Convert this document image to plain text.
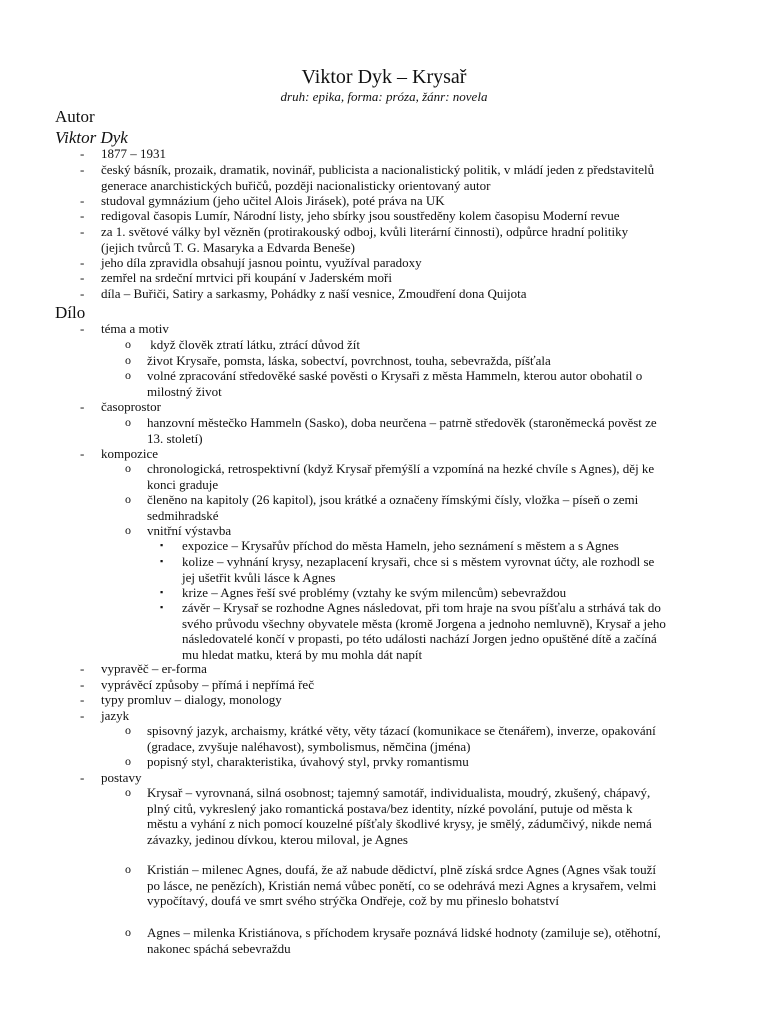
Viktor Dyk – Krysař
druh: epika, forma: próza, žánr: novela
Autor
Viktor Dyk
Dílo
- 1877 – 1931
- český básník, prozaik, dramatik, novinář, publicista a nacionalistický politik, v mládí jeden z představitelů
generace anarchistických buřičů, později nacionalisticky orientovaný autor
- studoval gymnázium (jeho učitel Alois Jirásek), poté práva na UK
- redigoval časopis Lumír, Národní listy, jeho sbírky jsou soustředěny kolem časopisu Moderní revue
- za 1. světové války byl vězněn (protirakouský odboj, kvůli literární činnosti), odpůrce hradní politiky
(jejich tvůrců T. G. Masaryka a Edvarda Beneše)
- jeho díla zpravidla obsahují jasnou pointu, využíval paradoxy
- zemřel na srdeční mrtvici při koupání v Jaderském moři
- díla – Buřiči, Satiry a sarkasmy, Pohádky z naší vesnice, Zmoudření dona Quijota
- téma a motiv
o když člověk ztratí látku, ztrácí důvod žít
o život Krysaře, pomsta, láska, sobectví, povrchnost, touha, sebevražda, píšťala
o volné zpracování středověké saské pověsti o Krysaři z města Hammeln, kterou autor obohatil o
milostný život
- časoprostor
o hanzovní městečko Hammeln (Sasko), doba neurčena – patrně středověk (staroněmecká pověst ze
13. století)
- kompozice
o chronologická, retrospektivní (když Krysař přemýšlí a vzpomíná na hezké chvíle s Agnes), děj ke
konci graduje
o členěno na kapitoly (26 kapitol), jsou krátké a označeny římskými čísly, vložka – píseň o zemi
sedmihradské
o vnitřní výstavba
▪ expozice – Krysařův příchod do města Hameln, jeho seznámení s městem a s Agnes
▪ kolize – vyhnání krysy, nezaplacení krysaři, chce si s městem vyrovnat účty, ale rozhodl se
jej ušetřit kvůli lásce k Agnes
▪ krize – Agnes řeší své problémy (vztahy ke svým milencům) sebevraždou
▪ závěr – Krysař se rozhodne Agnes následovat, při tom hraje na svou píšťalu a strhává tak do
svého průvodu všechny obyvatele města (kromě Jorgena a jednoho nemluvně), Krysař a jeho
následovatelé končí v propasti, po této události nachází Jorgen jedno opuštěné dítě a začíná
mu hledat matku, která by mu mohla dát napít
- vypravěč – er-forma
- vyprávěcí způsoby – přímá i nepřímá řeč
- typy promluv – dialogy, monology
- jazyk
o spisovný jazyk, archaismy, krátké věty, věty tázací (komunikace se čtenářem), inverze, opakování
(gradace, zvyšuje naléhavost), symbolismus, němčina (jména)
o popisný styl, charakteristika, úvahový styl, prvky romantismu
- postavy
o Krysař – vyrovnaná, silná osobnost; tajemný samotář, individualista, moudrý, zkušený, chápavý,
plný citů, vykreslený jako romantická postava/bez identity, nízké povolání, putuje od města k
městu a vyhání z nich pomocí kouzelné píšťaly škodlivé krysy, je smělý, zádumčivý, nikde nemá
závazky, jedinou dívkou, kterou miloval, je Agnes
o Kristián – milenec Agnes, doufá, že až nabude dědictví, plně získá srdce Agnes (Agnes však touží
po lásce, ne penězích), Kristián nemá vůbec ponětí, co se odehrává mezi Agnes a krysařem, velmi
vypočítavý, doufá ve smrt svého strýčka Ondřeje, což by mu přineslo bohatství
o Agnes – milenka Kristiánova, s příchodem krysaře poznává lidské hodnoty (zamiluje se), otěhotní,
nakonec spáchá sebevraždu
